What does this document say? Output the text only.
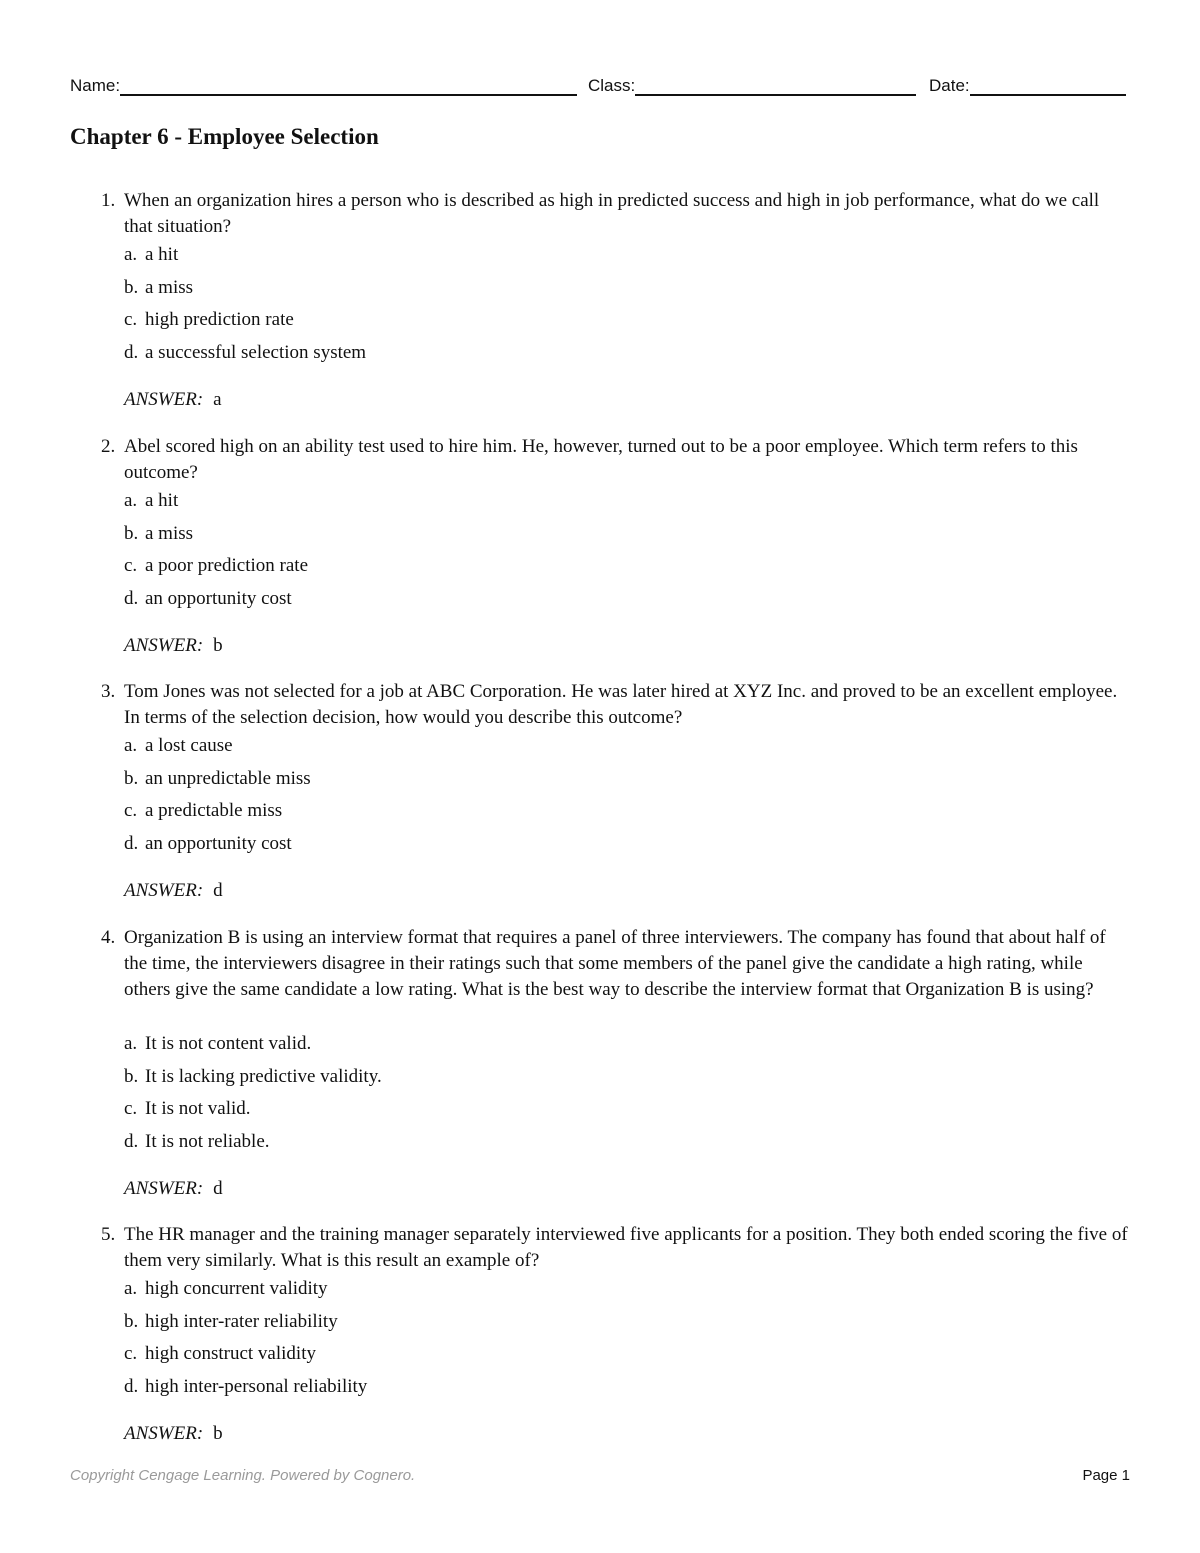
Name:	Class:	Date:
Chapter 6 - Employee Selection
1. When an organization hires a person who is described as high in predicted success and high in job performance, what do we call that situation?
a. a hit
b. a miss
c. high prediction rate
d. a successful selection system
ANSWER: a
2. Abel scored high on an ability test used to hire him. He, however, turned out to be a poor employee. Which term refers to this outcome?
a. a hit
b. a miss
c. a poor prediction rate
d. an opportunity cost
ANSWER: b
3. Tom Jones was not selected for a job at ABC Corporation. He was later hired at XYZ Inc. and proved to be an excellent employee. In terms of the selection decision, how would you describe this outcome?
a. a lost cause
b. an unpredictable miss
c. a predictable miss
d. an opportunity cost
ANSWER: d
4. Organization B is using an interview format that requires a panel of three interviewers. The company has found that about half of the time, the interviewers disagree in their ratings such that some members of the panel give the candidate a high rating, while others give the same candidate a low rating. What is the best way to describe the interview format that Organization B is using?
a. It is not content valid.
b. It is lacking predictive validity.
c. It is not valid.
d. It is not reliable.
ANSWER: d
5. The HR manager and the training manager separately interviewed five applicants for a position. They both ended scoring the five of them very similarly. What is this result an example of?
a. high concurrent validity
b. high inter-rater reliability
c. high construct validity
d. high inter-personal reliability
ANSWER: b
Copyright Cengage Learning. Powered by Cognero.	Page 1
